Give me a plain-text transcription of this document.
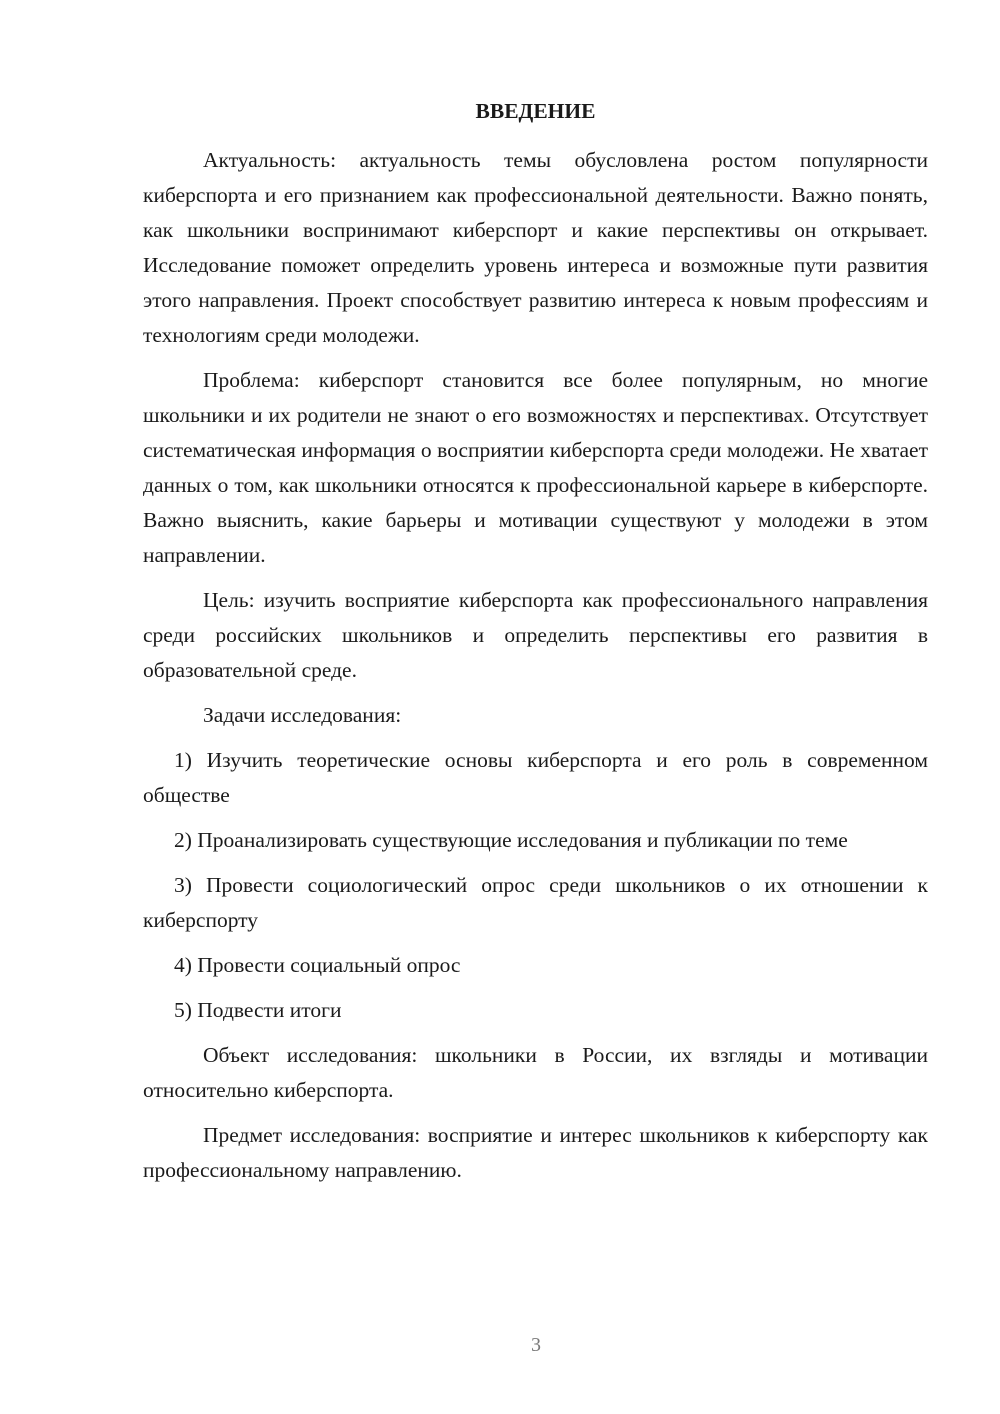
ВВЕДЕНИЕ

Актуальность: актуальность темы обусловлена ростом популярности киберспорта и его признанием как профессиональной деятельности. Важно понять, как школьники воспринимают киберспорт и какие перспективы он открывает. Исследование поможет определить уровень интереса и возможные пути развития этого направления. Проект способствует развитию интереса к новым профессиям и технологиям среди молодежи.

Проблема: киберспорт становится все более популярным, но многие школьники и их родители не знают о его возможностях и перспективах. Отсутствует систематическая информация о восприятии киберспорта среди молодежи. Не хватает данных о том, как школьники относятся к профессиональной карьере в киберспорте. Важно выяснить, какие барьеры и мотивации существуют у молодежи в этом направлении.

Цель: изучить восприятие киберспорта как профессионального направления среди российских школьников и определить перспективы его развития в образовательной среде.

Задачи исследования:

1) Изучить теоретические основы киберспорта и его роль в современном обществе

2) Проанализировать существующие исследования и публикации по теме

3) Провести социологический опрос среди школьников о их отношении к киберспорту

4) Провести социальный опрос

5) Подвести итоги

Объект исследования: школьники в России, их взгляды и мотивации относительно киберспорта.

Предмет исследования: восприятие и интерес школьников к киберспорту как профессиональному направлению.

3
